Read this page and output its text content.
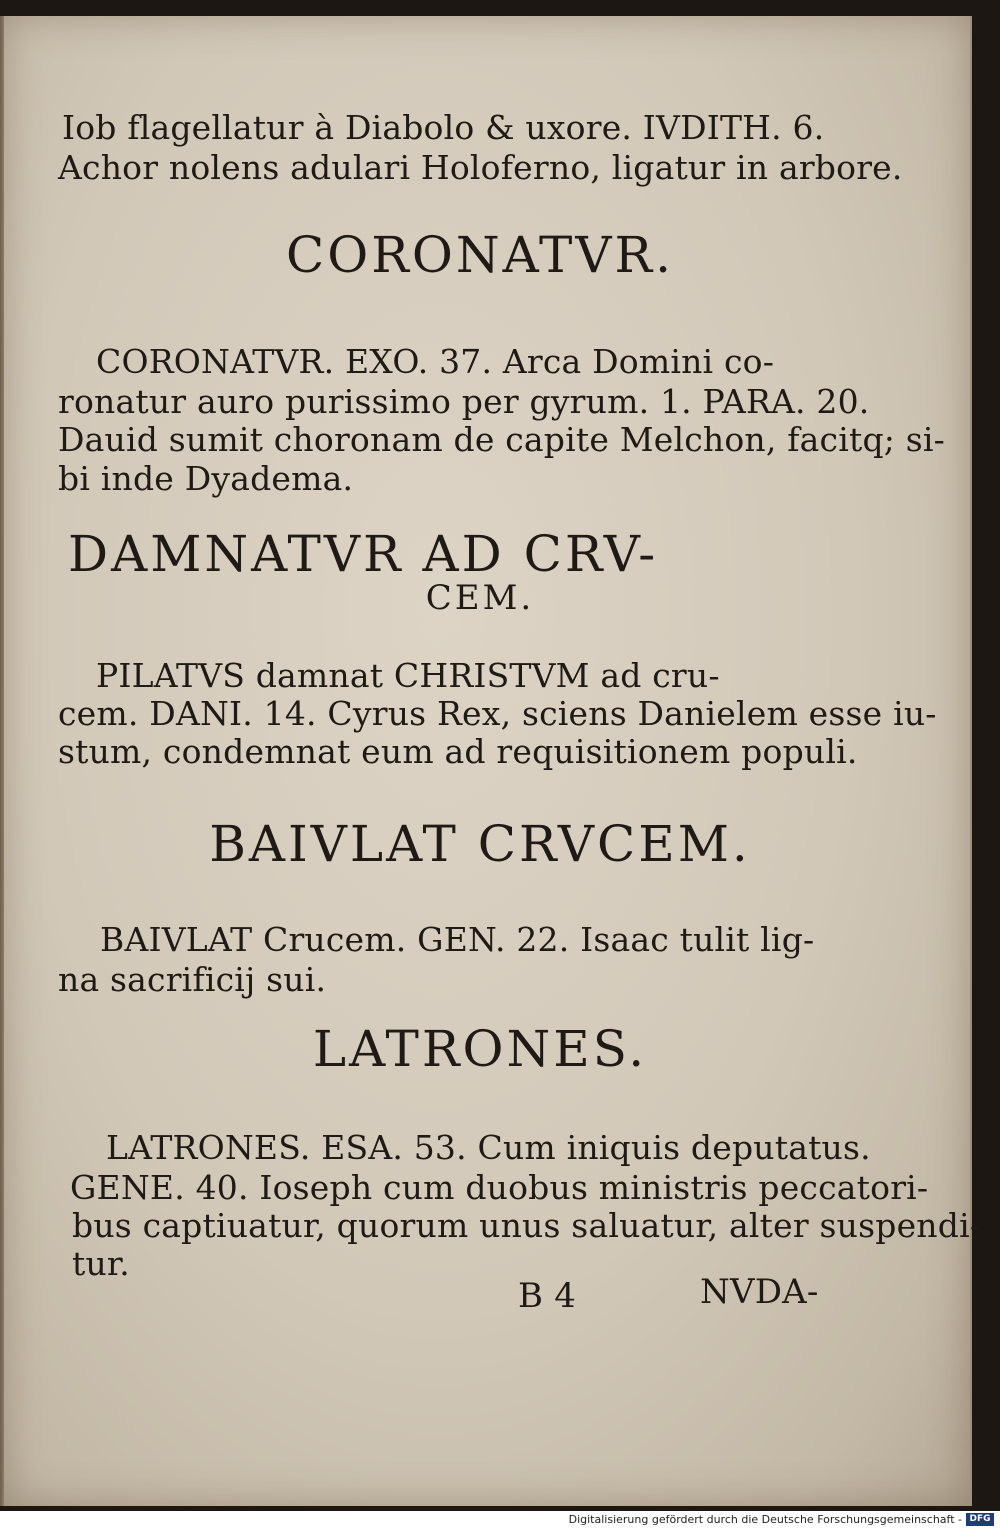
Iob flagellatur à Diabolo & uxore. IVDITH. 6.
Achor nolens adulari Holoferno, ligatur in arbore.
CORONATVR.
CORONATVR. EXO. 37. Arca Domini co-
ronatur auro purissimo per gyrum. 1. PARA. 20.
Dauid sumit choronam de capite Melchon, facitq; si-
bi inde Dyadema.
DAMNATVR AD CRV-
CEM.
PILATVS damnat CHRISTVM ad cru-
cem. DANI. 14. Cyrus Rex, sciens Danielem esse iu-
stum, condemnat eum ad requisitionem populi.
BAIVLAT CRVCEM.
BAIVLAT Crucem. GEN. 22. Isaac tulit lig-
na sacrificij sui.
LATRONES.
LATRONES. ESA. 53. Cum iniquis deputatus.
GENE. 40. Ioseph cum duobus ministris peccatori-
bus captiuatur, quorum unus saluatur, alter suspendi-
tur.
B 4	NVDA-
Digitalisierung gefördert durch die Deutsche Forschungsgemeinschaft - DFG
